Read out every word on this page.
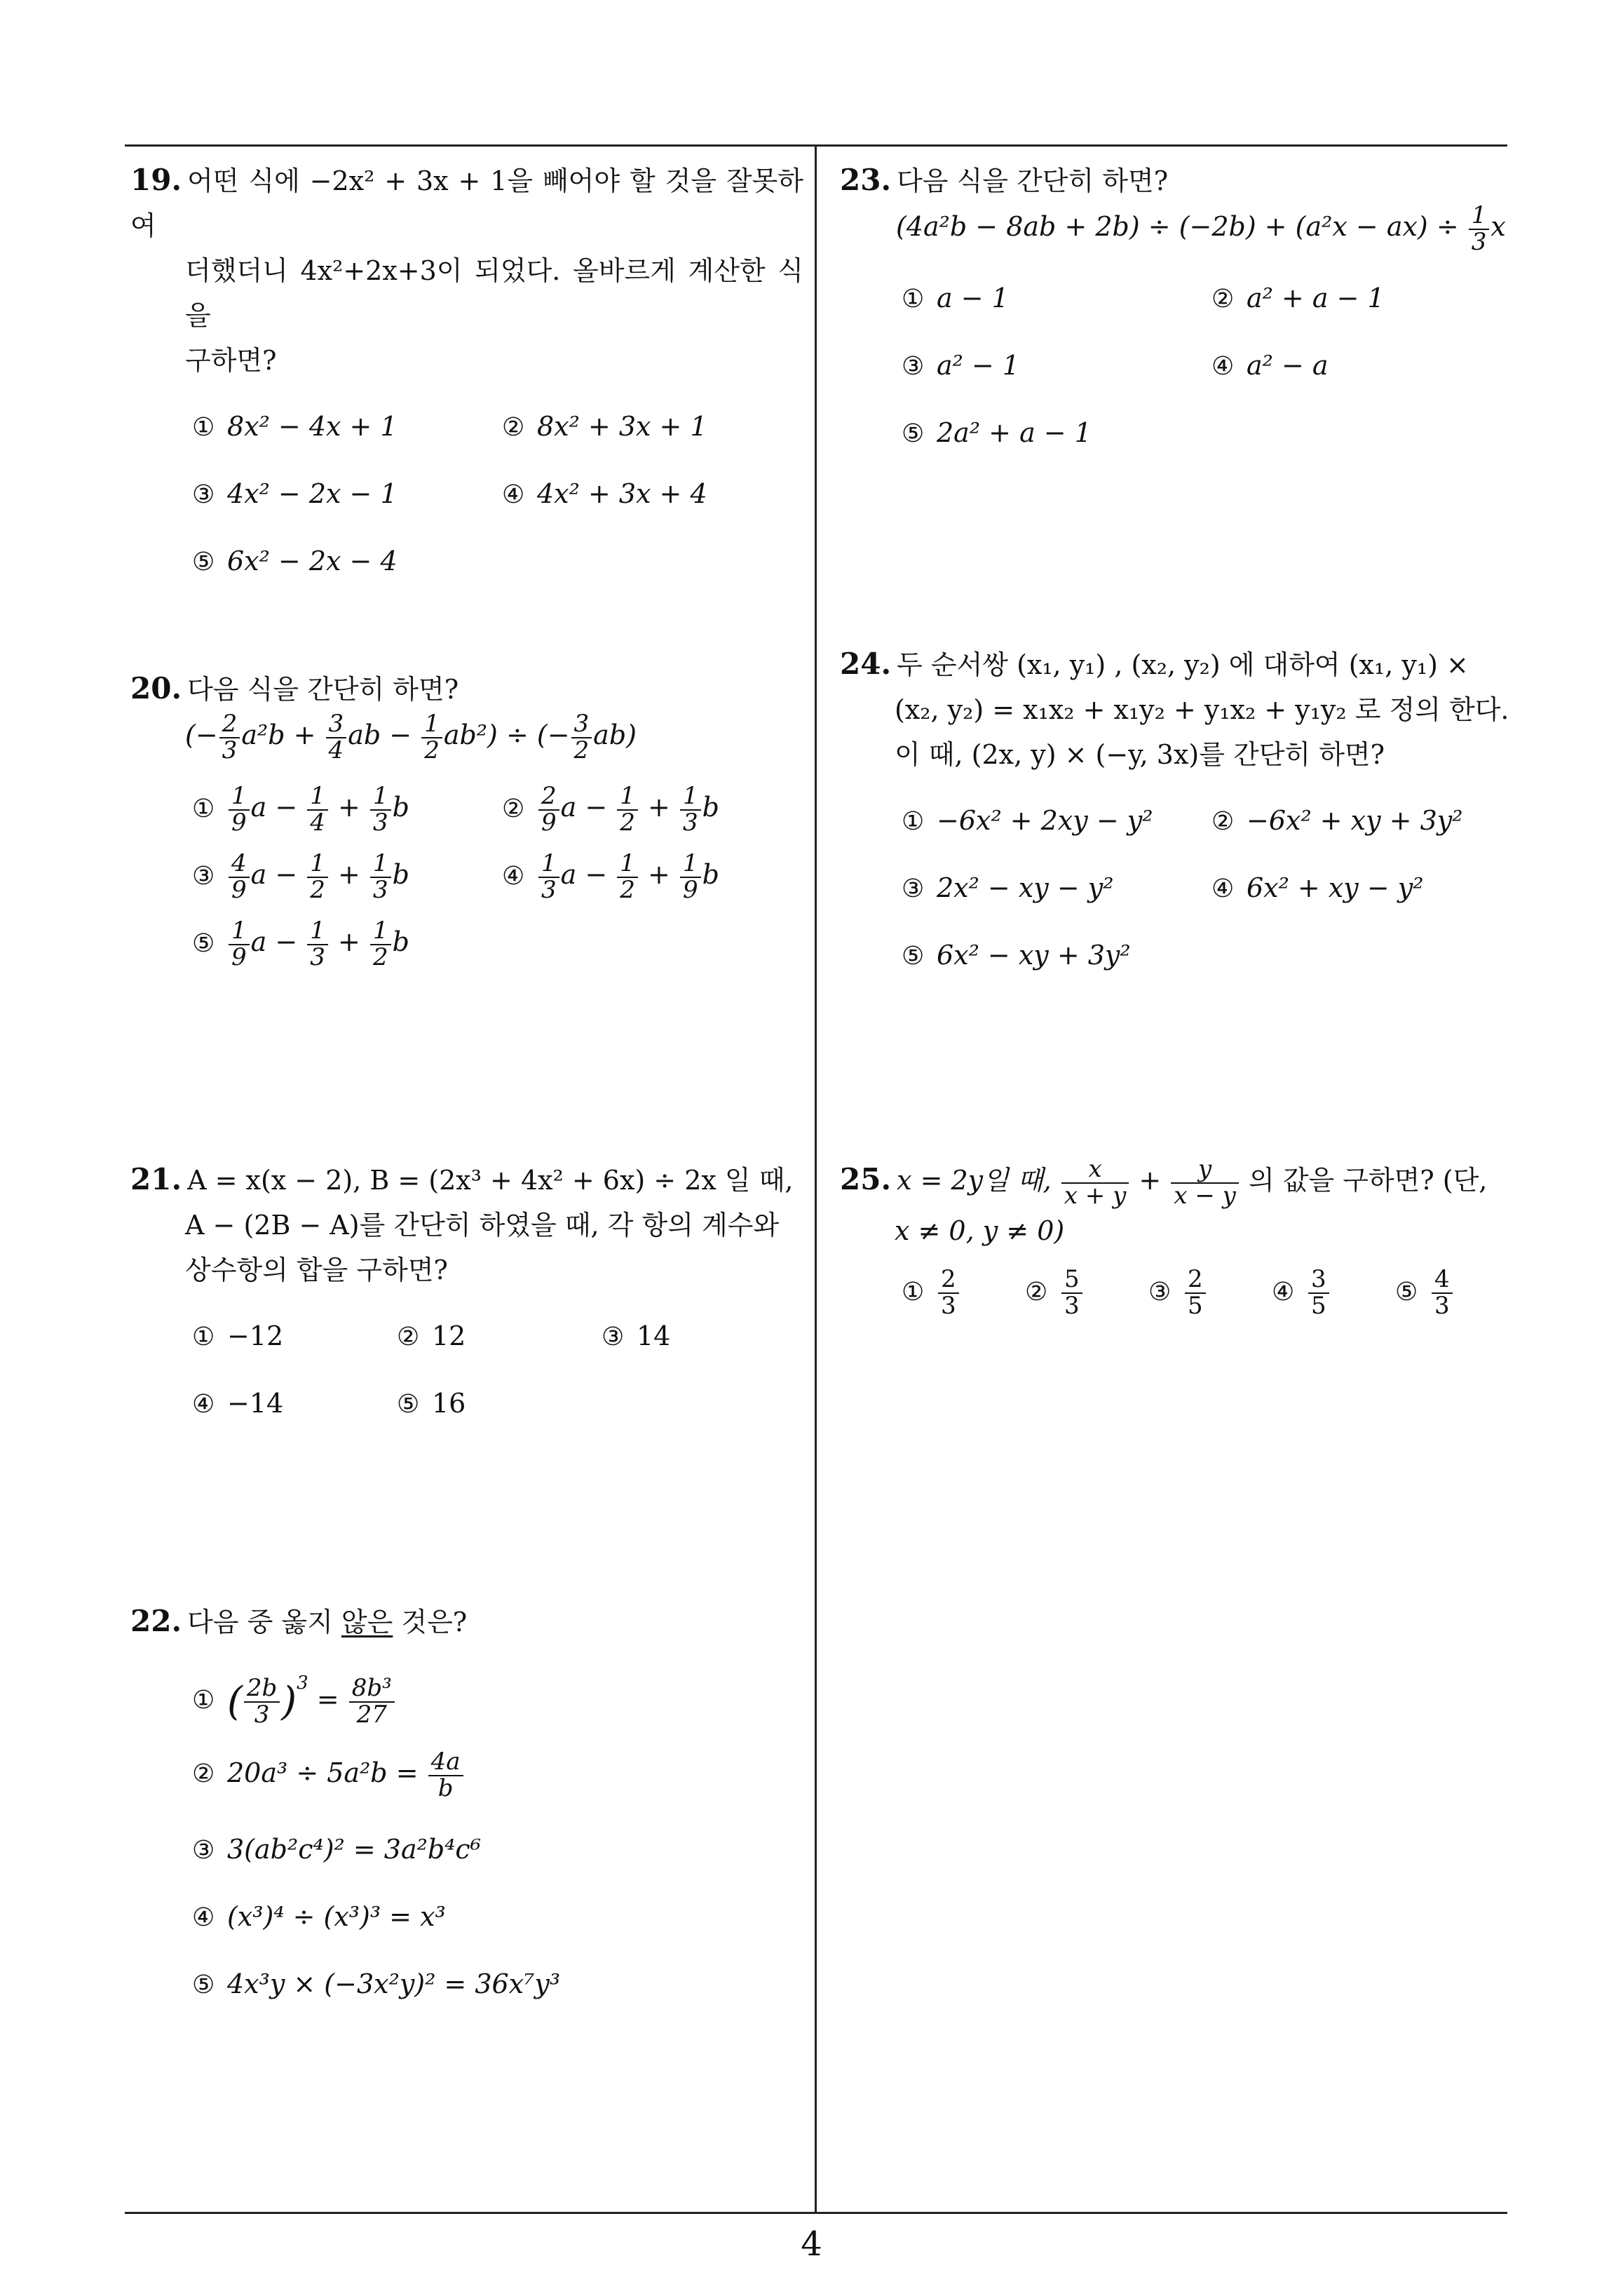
4
19. 어떤 식에 −2x² + 3x + 1을 빼어야 할 것을 잘못하여
더했더니 4x²+2x+3이 되었다. 올바르게 계산한 식을
구하면?
① 8x² − 4x + 1	② 8x² + 3x + 1
③ 4x² − 2x − 1	④ 4x² + 3x + 4
⑤ 6x² − 2x − 4
20. 다음 식을 간단히 하면?
(− $\frac{2}{3} a^2b + \frac{3}{4}$ ab − $\frac{1}{2} ab^2$) ÷ (− $\frac{3}{2} ab$)
① $\frac{1}{9}$ $a - \frac{1}{4} + \frac{1}{3}$ b	② $\frac{2}{9}$ $a - \frac{1}{2} + \frac{1}{3}$ b
③ $\frac{4}{9}$ $a - \frac{1}{2} + \frac{1}{3}$ b	④ $\frac{1}{3}$ $a - \frac{1}{2} + \frac{1}{9}$ b
⑤ $\frac{1}{9}$ $a - \frac{1}{3} + \frac{1}{2}$ b
21. A = x(x − 2), B = (2x³ + 4x² + 6x) ÷ 2x 일 때,
A − (2B − A)를 간단히 하였을 때, 각 항의 계수와
상수항의 합을 구하면?
① −12	② 12	③ 14
④ −14	⑤ 16
22. 다음 중 옳지 않은 것은?
① ( $\frac{2b}{3} )^3 = \frac{\text{8b³}}{27}$
② $20a^3 \div 5a^2b = \frac{4a}{b}$
③ 3(ab²c⁴)² = 3a²b⁴c⁶
④ (x³)⁴ ÷ (x³)³ = x³
⑤ 4x³y × (−3x²y)² = 36x⁷y³
23. 다음 식을 간단히 하면?
$(4a^2b - 8ab + 2b) \div (-2b) + (a^2x - ax) \div \frac{1}{3}$ x
① a − 1	② a² + a − 1
③ a² − 1	④ a² − a
⑤ 2a² + a − 1
24. 두 순서쌍 (x₁, y₁) , (x₂, y₂) 에 대하여 (x₁, y₁) ×
(x₂, y₂) = x₁x₂ + x₁y₂ + y₁x₂ + y₁y₂ 로 정의 한다.
이 때, (2x, y) × (−y, 3x)를 간단히 하면?
① −6x² + 2xy − y² ② −6x² + xy + 3y²
③ 2x² − xy − y²	④ 6x² + xy − y²
⑤ 6x² − xy + 3y²
25. x = 2y일 때, $\frac{x}{x + y} + \frac{y}{x - y}$ 의 값을 구하면? (단,
x ≠ 0, y ≠ 0)
① $\frac{2}{3}$	② $\frac{5}{3}$	③ $\frac{2}{5}$	④ $\frac{3}{5}$	⑤ $\frac{4}{3}$
